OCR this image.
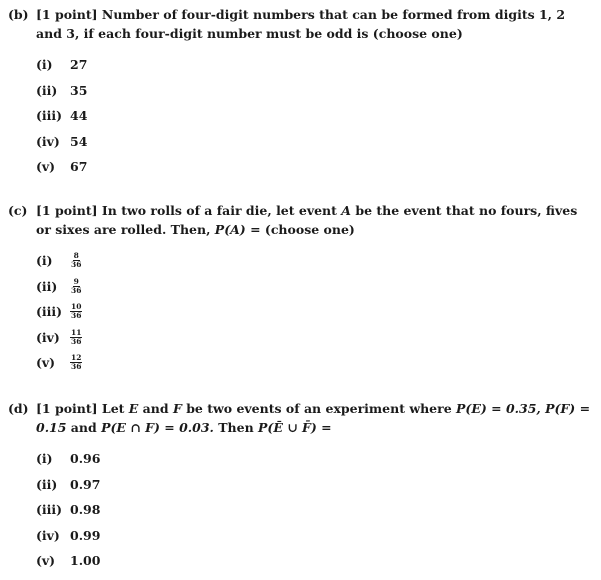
(b) [1 point] Number of four-digit numbers that can be formed from digits 1, 2 and 3, if each four-digit number must be odd is (choose one)
(i)	27
(ii)	35
(iii) 44
(iv) 54
(v)	67
(c) [1 point] In two rolls of a fair die, let event A be the event that no fours, fives or sixes are rolled. Then, P(A) = (choose one)
(i)	$\frac{8}{36}$
(ii)	$\frac{9}{36}$
(iii)	$\frac{10}{36}$
(iv)	$\frac{11}{36}$
(v)	$\frac{12}{36}$
(d) [1 point] Let E and F be two events of an experiment where P(E) = 0.35, P(F) = 0.15 and P(E ∩ F) = 0.03. Then P(Ē ∪ F̄) =
(i)	0.96
(ii)	0.97
(iii) 0.98
(iv) 0.99
(v)	1.00
